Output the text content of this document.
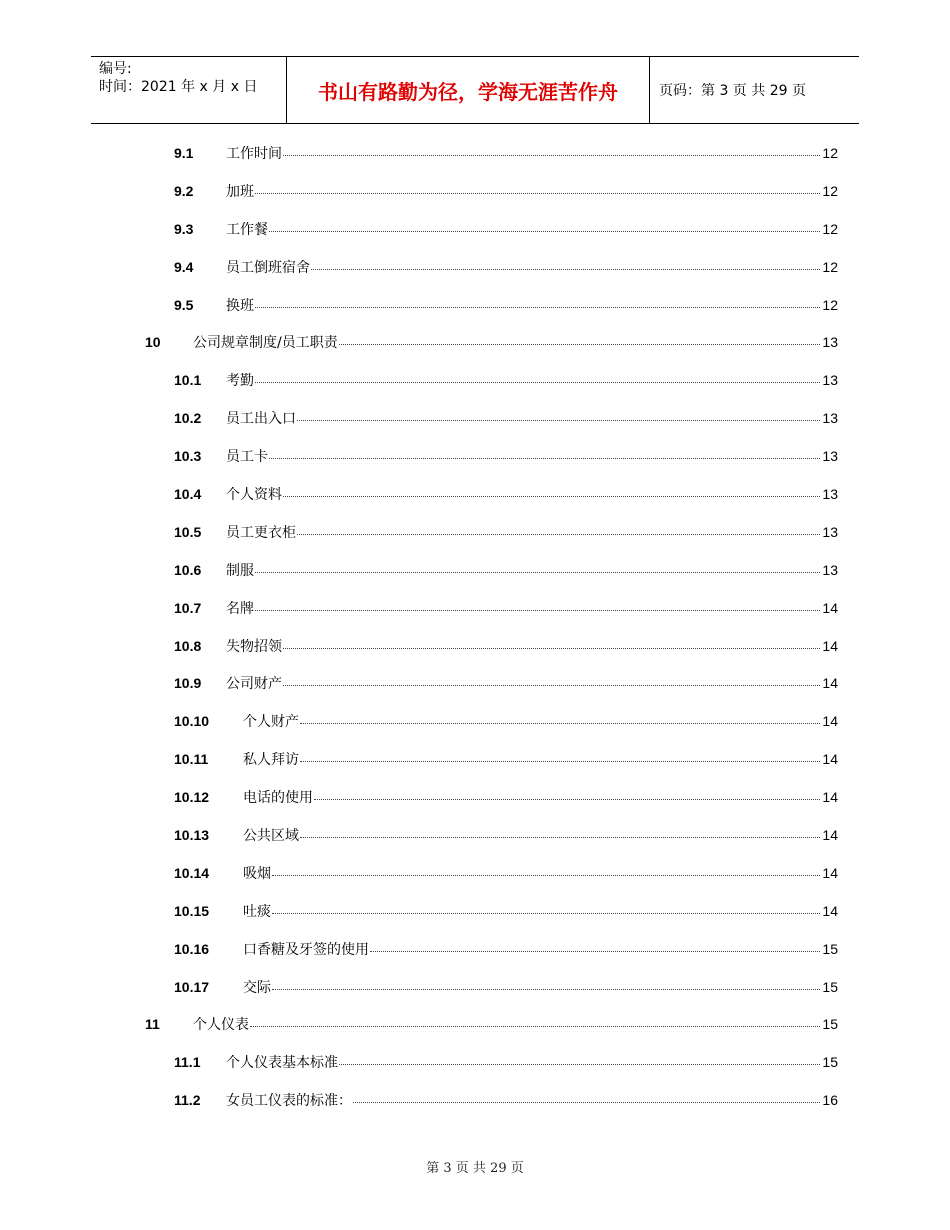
编号:
时间：2021 年 x 月 x 日	书山有路勤为径，学海无涯苦作舟	页码：第 3 页 共 29 页
9.1	工作时间	12
9.2	加班	12
9.3	工作餐	12
9.4	员工倒班宿舍	12
9.5	换班	12
10	公司规章制度/员工职责	13
10.1	考勤	13
10.2	员工出入口	13
10.3	员工卡	13
10.4	个人资料	13
10.5	员工更衣柜	13
10.6	制服	13
10.7	名牌	14
10.8	失物招领	14
10.9	公司财产	14
10.10	个人财产	14
10.11	私人拜访	14
10.12	电话的使用	14
10.13	公共区域	14
10.14	吸烟	14
10.15	吐痰	14
10.16	口香糖及牙签的使用	15
10.17	交际	15
11	个人仪表	15
11.1	个人仪表基本标准	15
11.2	女员工仪表的标准：	16
第 3 页 共 29 页
